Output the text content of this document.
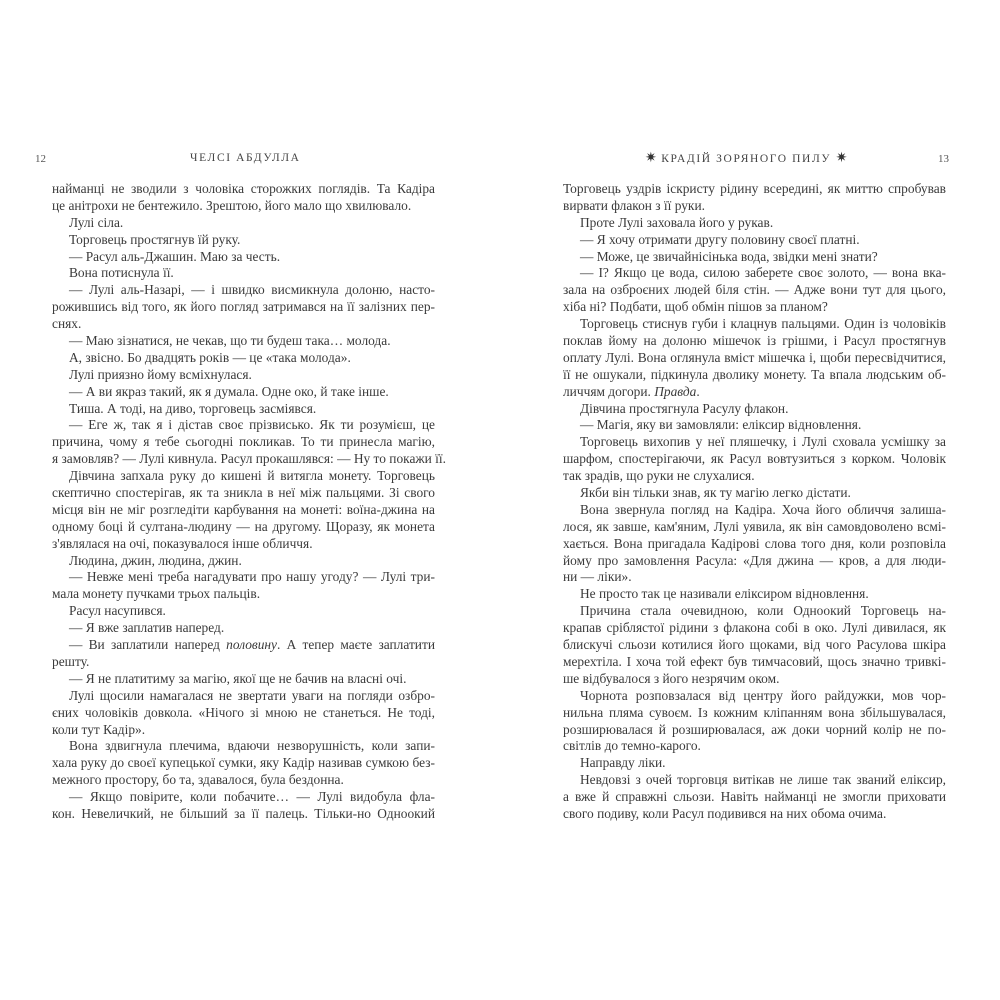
12	ЧЕЛСІ АБДУЛЛА
найманці не зводили з чоловіка сторожких поглядів. Та Кадіра
це анітрохи не бентежило. Зрештою, його мало що хвилювало.
Лулі сіла.
Торговець простягнув їй руку.
— Расул аль-Джашин. Маю за честь.
Вона потиснула її.
— Лулі аль-Назарі, — і швидко висмикнула долоню, насто-
рожившись від того, як його погляд затримався на її залізних пер-
снях.
— Маю зізнатися, не чекав, що ти будеш така… молода.
А, звісно. Бо двадцять років — це «така молода».
Лулі приязно йому всміхнулася.
— А ви якраз такий, як я думала. Одне око, й таке інше.
Тиша. А тоді, на диво, торговець засміявся.
— Еге ж, так я і дістав своє прізвисько. Як ти розумієш, це
причина, чому я тебе сьогодні покликав. То ти принесла магію,
я замовляв? — Лулі кивнула. Расул прокашлявся: — Ну то покажи її.
Дівчина запхала руку до кишені й витягла монету. Торговець
скептично спостерігав, як та зникла в неї між пальцями. Зі свого
місця він не міг розгледіти карбування на монеті: воїна-джина на
одному боці й султана-людину — на другому. Щоразу, як монета
з'являлася на очі, показувалося інше обличчя.
Людина, джин, людина, джин.
— Невже мені треба нагадувати про нашу угоду? — Лулі три-
мала монету пучками трьох пальців.
Расул насупився.
— Я вже заплатив наперед.
— Ви заплатили наперед половину. А тепер маєте заплатити
решту.
— Я не платитиму за магію, якої ще не бачив на власні очі.
Лулі щосили намагалася не звертати уваги на погляди озбро-
єних чоловіків довкола. «Нічого зі мною не станеться. Не тоді,
коли тут Кадір».
Вона здвигнула плечима, вдаючи незворушність, коли запи-
хала руку до своєї купецької сумки, яку Кадір називав сумкою без-
межного простору, бо та, здавалося, була бездонна.
— Якщо повірите, коли побачите… — Лулі видобула фла-
кон. Невеличкий, не більший за її палець. Тільки-но Одноокий
✷ КРАДІЙ ЗОРЯНОГО ПИЛУ ✷	13
Торговець уздрів іскристу рідину всередині, як миттю спробував
вирвати флакон з її руки.
Проте Лулі заховала його у рукав.
— Я хочу отримати другу половину своєї платні.
— Може, це звичайнісінька вода, звідки мені знати?
— І? Якщо це вода, силою заберете своє золото, — вона вка-
зала на озброєних людей біля стін. — Адже вони тут для цього,
хіба ні? Подбати, щоб обмін пішов за планом?
Торговець стиснув губи і клацнув пальцями. Один із чоловіків
поклав йому на долоню мішечок із грішми, і Расул простягнув
оплату Лулі. Вона оглянула вміст мішечка і, щоби пересвідчитися,
її не ошукали, підкинула дволику монету. Та впала людським об-
личчям догори. Правда.
Дівчина простягнула Расулу флакон.
— Магія, яку ви замовляли: еліксир відновлення.
Торговець вихопив у неї пляшечку, і Лулі сховала усмішку за
шарфом, спостерігаючи, як Расул вовтузиться з корком. Чоловік
так зрадів, що руки не слухалися.
Якби він тільки знав, як ту магію легко дістати.
Вона звернула погляд на Кадіра. Хоча його обличчя залиша-
лося, як завше, кам'яним, Лулі уявила, як він самовдоволено всмі-
хається. Вона пригадала Кадірові слова того дня, коли розповіла
йому про замовлення Расула: «Для джина — кров, а для люди-
ни — ліки».
Не просто так це називали еліксиром відновлення.
Причина стала очевидною, коли Одноокий Торговець на-
крапав сріблястої рідини з флакона собі в око. Лулі дивилася, як
блискучі сльози котилися його щоками, від чого Расулова шкіра
мерехтіла. І хоча той ефект був тимчасовий, щось значно тривкі-
ше відбувалося з його незрячим оком.
Чорнота розповзалася від центру його райдужки, мов чор-
нильна пляма сувоєм. Із кожним кліпанням вона збільшувалася,
розширювалася й розширювалася, аж доки чорний колір не по-
світлів до темно-карого.
Направду ліки.
Невдовзі з очей торговця витікав не лише так званий еліксир,
а вже й справжні сльози. Навіть найманці не змогли приховати
свого подиву, коли Расул подивився на них обома очима.
